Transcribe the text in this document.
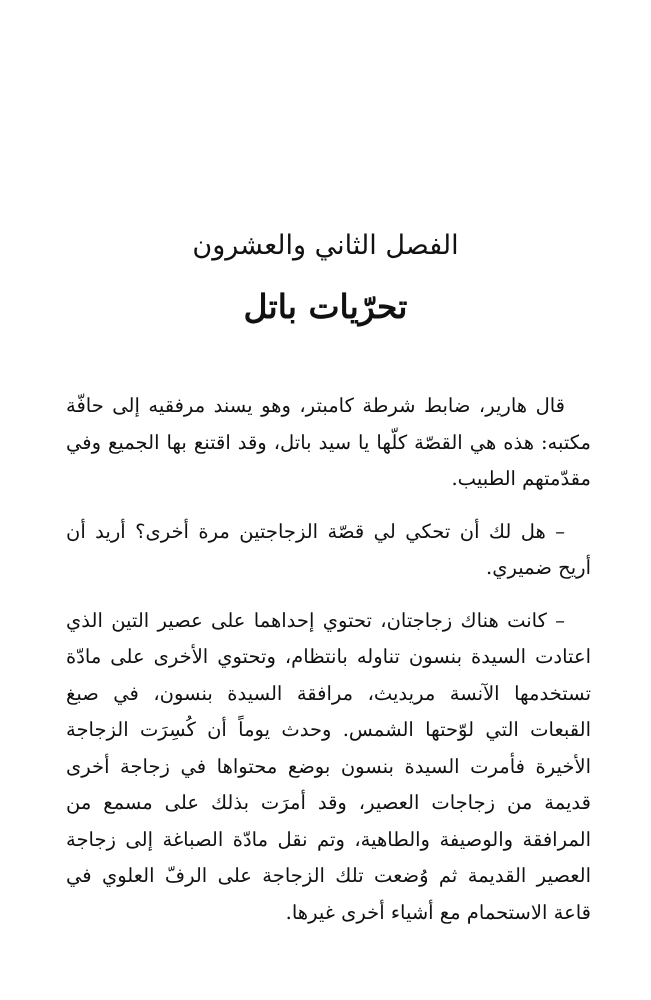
الفصل الثاني والعشرون
تحرّيات باتل

قال هارير، ضابط شرطة كامبتر، وهو يسند مرفقيه إلى حافّة مكتبه: هذه هي القصّة كلّها يا سيد باتل، وقد اقتنع بها الجميع وفي مقدّمتهم الطبيب.

– هل لك أن تحكي لي قصّة الزجاجتين مرة أخرى؟ أريد أن أريح ضميري.

– كانت هناك زجاجتان، تحتوي إحداهما على عصير التين الذي اعتادت السيدة بنسون تناوله بانتظام، وتحتوي الأخرى على مادّة تستخدمها الآنسة مريديث، مرافقة السيدة بنسون، في صبغ القبعات التي لوّحتها الشمس. وحدث يوماً أن كُسِرَت الزجاجة الأخيرة فأمرت السيدة بنسون بوضع محتواها في زجاجة أخرى قديمة من زجاجات العصير، وقد أمرَت بذلك على مسمع من المرافقة والوصيفة والطاهية، وتم نقل مادّة الصباغة إلى زجاجة العصير القديمة ثم وُضعت تلك الزجاجة على الرفّ العلوي في قاعة الاستحمام مع أشياء أخرى غيرها.
